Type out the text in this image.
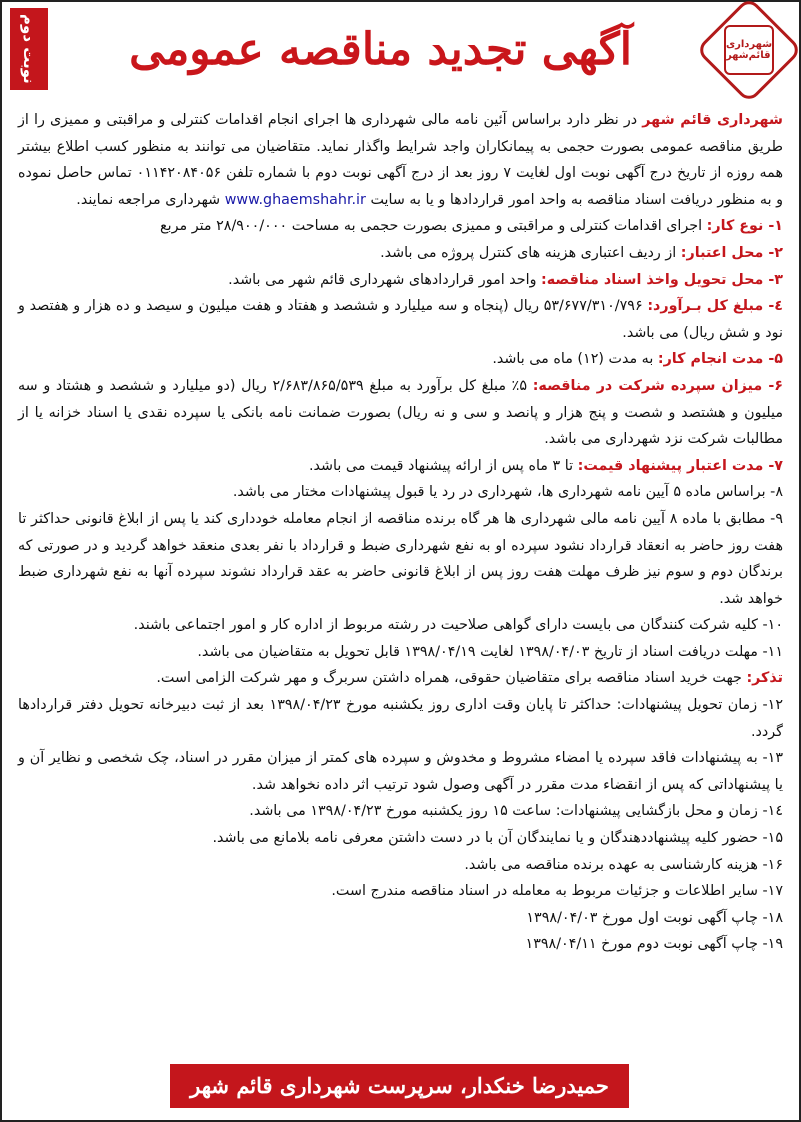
نوبت دوم	آگهی تجدید مناقصه عمومی	شهرداری قائم‌شهر

شهرداری قائم شهر در نظر دارد براساس آئین نامه مالی شهرداری ها اجرای انجام اقدامات کنترلی و مراقبتی و ممیزی را از طریق مناقصه عمومی بصورت حجمی به پیمانکاران واجد شرایط واگذار نماید. متقاضیان می توانند به منظور کسب اطلاع بیشتر همه روزه از تاریخ درج آگهی نوبت اول لغایت ۷ روز بعد از درج آگهی نوبت دوم با شماره تلفن ۰۱۱۴۲۰۸۴۰۵۶ تماس حاصل نموده و به منظور دریافت اسناد مناقصه به واحد امور قراردادها و یا به سایت www.ghaemshahr.ir شهرداری مراجعه نمایند.

۱- نوع کار: اجرای اقدامات کنترلی و مراقبتی و ممیزی بصورت حجمی به مساحت ۲۸/۹۰۰/۰۰۰ متر مربع

۲- محل اعتبار: از ردیف اعتباری هزینه های کنترل پروژه می باشد.

۳- محل تحویل واخذ اسناد مناقصه: واحد امور قراردادهای شهرداری قائم شهر می باشد.

٤- مبلغ کل بـرآورد: ۵۳/۶۷۷/۳۱۰/۷۹۶ ریال (پنجاه و سه میلیارد و ششصد و هفتاد و هفت میلیون و سیصد و ده هزار و هفتصد و نود و شش ریال) می باشد.

۵- مدت انجام کار: به مدت (۱۲) ماه می باشد.

۶- میزان سپرده شرکت در مناقصه: ۵٪ مبلغ کل برآورد به مبلغ ۲/۶۸۳/۸۶۵/۵۳۹ ریال (دو میلیارد و ششصد و هشتاد و سه میلیون و هشتصد و شصت و پنج هزار و پانصد و سی و نه ریال) بصورت ضمانت نامه بانکی یا سپرده نقدی یا اسناد خزانه یا از مطالبات شرکت نزد شهرداری می باشد.

۷- مدت اعتبار پیشنهاد قیمت: تا ۳ ماه پس از ارائه پیشنهاد قیمت می باشد.

۸- براساس ماده ۵ آیین نامه شهرداری ها، شهرداری در رد یا قبول پیشنهادات مختار می باشد.

۹- مطابق با ماده ۸ آیین نامه مالی شهرداری ها هر گاه برنده مناقصه از انجام معامله خودداری کند یا پس از ابلاغ قانونی حداکثر تا هفت روز حاضر به انعقاد قرارداد نشود سپرده او به نفع شهرداری ضبط و قرارداد با نفر بعدی منعقد خواهد گردید و در صورتی که برندگان دوم و سوم نیز ظرف مهلت هفت روز پس از ابلاغ قانونی حاضر به عقد قرارداد نشوند سپرده آنها به نفع شهرداری ضبط خواهد شد.

۱۰- کلیه شرکت کنندگان می بایست دارای گواهی صلاحیت در رشته مربوط از اداره کار و امور اجتماعی باشند.

۱۱- مهلت دریافت اسناد از تاریخ ۱۳۹۸/۰۴/۰۳ لغایت ۱۳۹۸/۰۴/۱۹ قابل تحویل به متقاضیان می باشد.

تذکر: جهت خرید اسناد مناقصه برای متقاضیان حقوقی، همراه داشتن سربرگ و مهر شرکت الزامی است.

۱۲- زمان تحویل پیشنهادات: حداکثر تا پایان وقت اداری روز یکشنبه مورخ ۱۳۹۸/۰۴/۲۳ بعد از ثبت دبیرخانه تحویل دفتر قراردادها گردد.

۱۳- به پیشنهادات فاقد سپرده یا امضاء مشروط و مخدوش و سپرده های کمتر از میزان مقرر در اسناد، چک شخصی و نظایر آن و یا پیشنهاداتی که پس از انقضاء مدت مقرر در آگهی وصول شود ترتیب اثر داده نخواهد شد.

۱٤- زمان و محل بازگشایی پیشنهادات: ساعت ۱۵ روز یکشنبه مورخ ۱۳۹۸/۰۴/۲۳ می باشد.

۱۵- حضور کلیه پیشنهاددهندگان و یا نمایندگان آن با در دست داشتن معرفی نامه بلامانع می باشد.

۱۶- هزینه کارشناسی به عهده برنده مناقصه می باشد.

۱۷- سایر اطلاعات و جزئیات مربوط به معامله در اسناد مناقصه مندرج است.

۱۸- چاپ آگهی نوبت اول مورخ ۱۳۹۸/۰۴/۰۳

۱۹- چاپ آگهی نوبت دوم مورخ ۱۳۹۸/۰۴/۱۱

حمیدرضا خنکدار، سرپرست شهرداری قائم شهر
